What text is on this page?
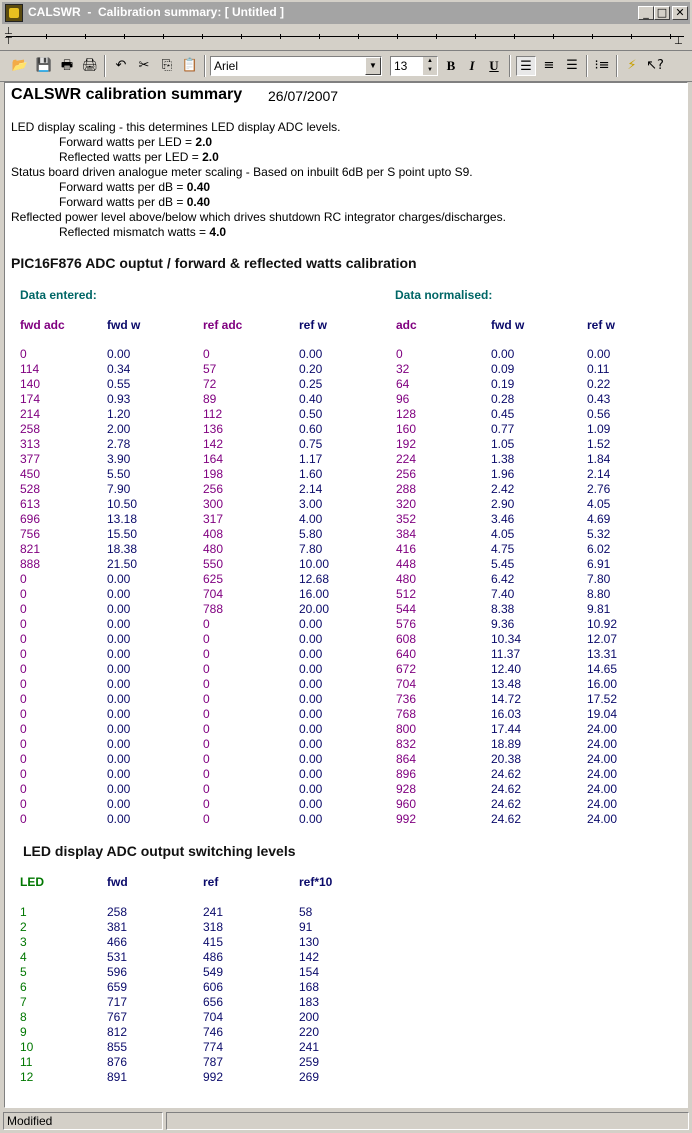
CALSWR  -  Calibration summary: [ Untitled ]	_ □ ✕
⊥
⊤	⊥
📂 💾 🖶 🖨	↶ ✂ ⎘ 📋	Ariel	▼	13	▲
▼	B	I	U	☰ ≡ ☰	⁝≡	⚡ ↖?
CALSWR calibration summary 26/07/2007
LED display scaling - this determines LED display ADC levels.
Forward watts per LED = 2.0
Reflected watts per LED = 2.0
Status board driven analogue meter scaling - Based on inbuilt 6dB per S point upto S9.
Forward watts per dB = 0.40
Forward watts per dB = 0.40
Reflected power level above/below which drives shutdown RC integrator charges/discharges.
Reflected mismatch watts = 4.0
PIC16F876 ADC ouptut / forward & reflected watts calibration
Data entered:	Data normalised:
fwd adc	fwd w	ref adc	ref w	adc	fwd w	ref w
0	0.00	0	0.00	0	0.00	0.00
114	0.34	57	0.20	32	0.09	0.11
140	0.55	72	0.25	64	0.19	0.22
174	0.93	89	0.40	96	0.28	0.43
214	1.20	112	0.50	128	0.45	0.56
258	2.00	136	0.60	160	0.77	1.09
313	2.78	142	0.75	192	1.05	1.52
377	3.90	164	1.17	224	1.38	1.84
450	5.50	198	1.60	256	1.96	2.14
528	7.90	256	2.14	288	2.42	2.76
613	10.50	300	3.00	320	2.90	4.05
696	13.18	317	4.00	352	3.46	4.69
756	15.50	408	5.80	384	4.05	5.32
821	18.38	480	7.80	416	4.75	6.02
888	21.50	550	10.00	448	5.45	6.91
0	0.00	625	12.68	480	6.42	7.80
0	0.00	704	16.00	512	7.40	8.80
0	0.00	788	20.00	544	8.38	9.81
0	0.00	0	0.00	576	9.36	10.92
0	0.00	0	0.00	608	10.34	12.07
0	0.00	0	0.00	640	11.37	13.31
0	0.00	0	0.00	672	12.40	14.65
0	0.00	0	0.00	704	13.48	16.00
0	0.00	0	0.00	736	14.72	17.52
0	0.00	0	0.00	768	16.03	19.04
0	0.00	0	0.00	800	17.44	24.00
0	0.00	0	0.00	832	18.89	24.00
0	0.00	0	0.00	864	20.38	24.00
0	0.00	0	0.00	896	24.62	24.00
0	0.00	0	0.00	928	24.62	24.00
0	0.00	0	0.00	960	24.62	24.00
0	0.00	0	0.00	992	24.62	24.00
LED display ADC output switching levels
LED	fwd	ref	ref*10
1	258	241	58
2	381	318	91
3	466	415	130
4	531	486	142
5	596	549	154
6	659	606	168
7	717	656	183
8	767	704	200
9	812	746	220
10	855	774	241
11	876	787	259
12	891	992	269
Modified
